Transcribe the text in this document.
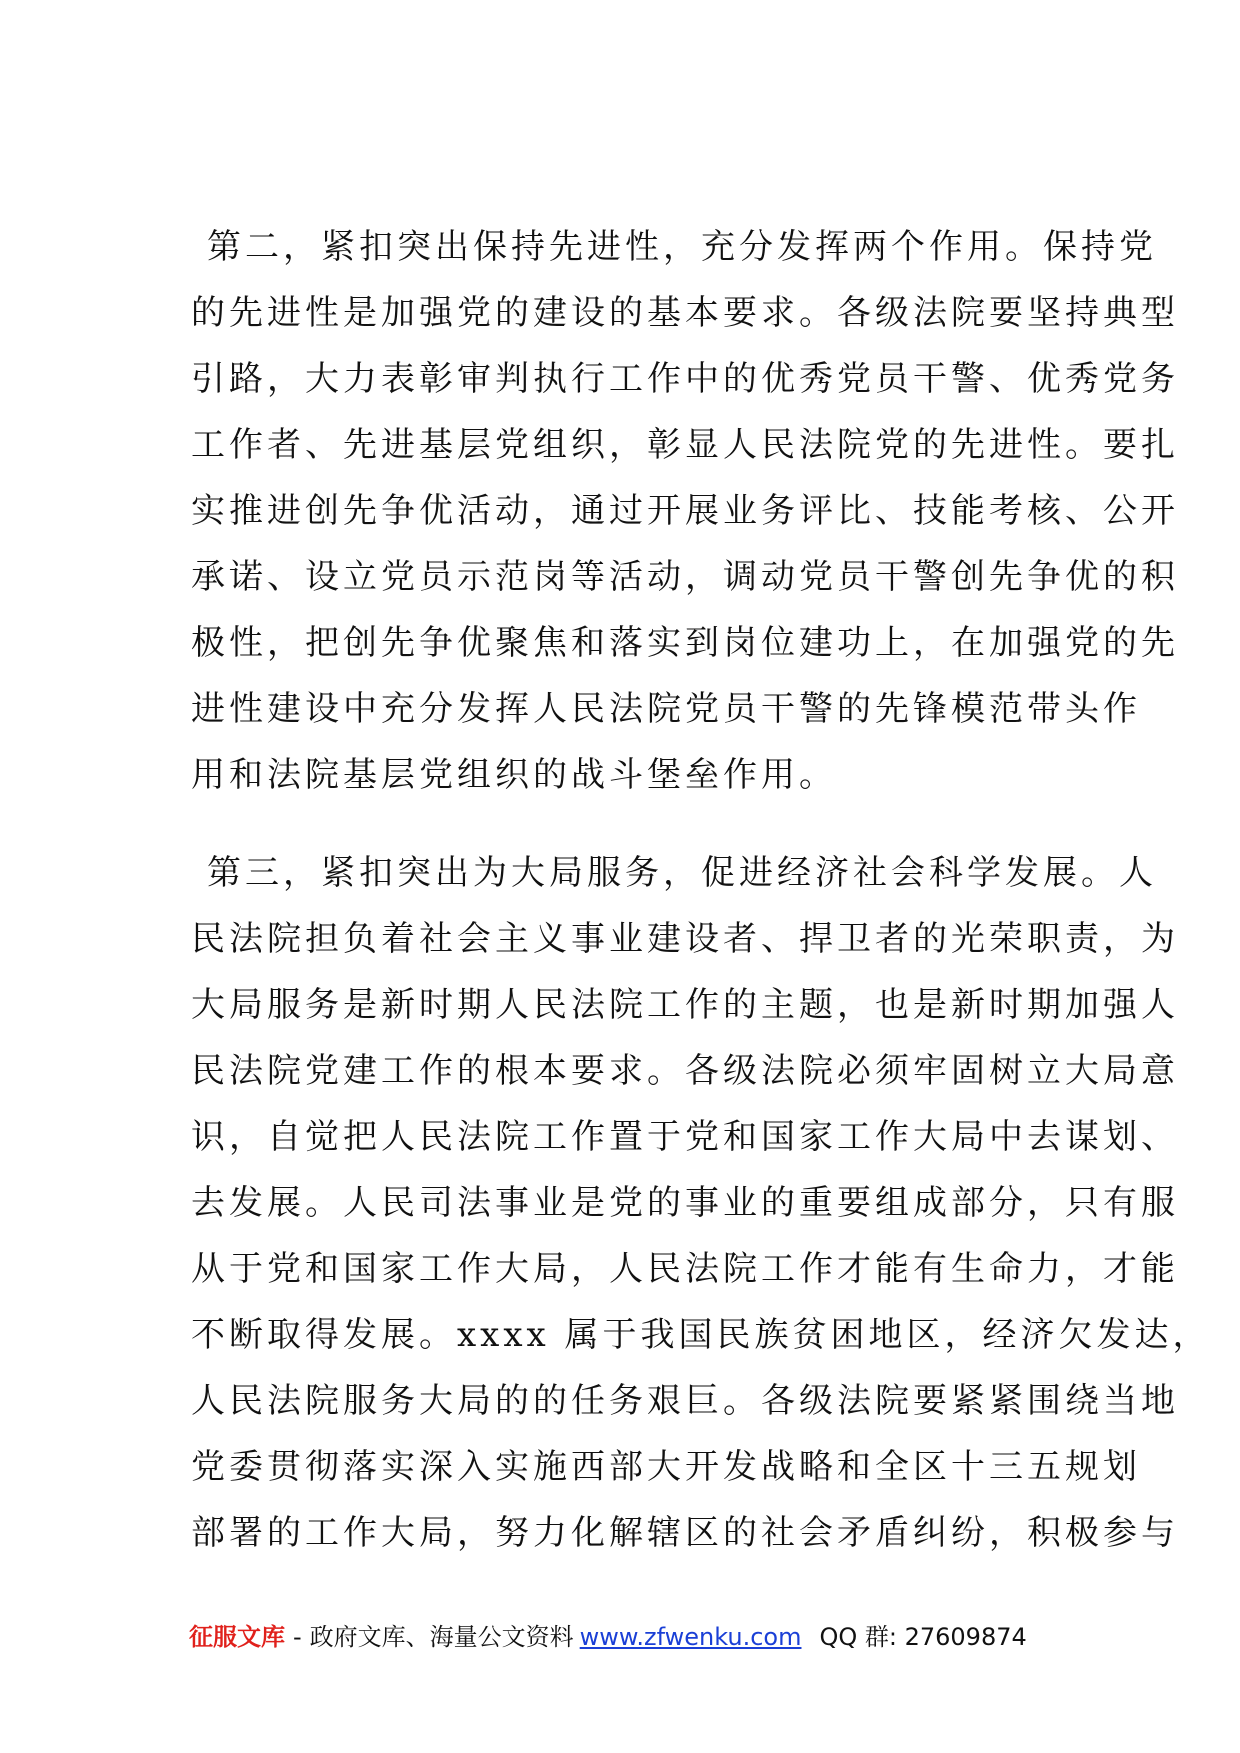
第二，紧扣突出保持先进性，充分发挥两个作用。保持党
的先进性是加强党的建设的基本要求。各级法院要坚持典型
引路，大力表彰审判执行工作中的优秀党员干警、优秀党务
工作者、先进基层党组织，彰显人民法院党的先进性。要扎
实推进创先争优活动，通过开展业务评比、技能考核、公开
承诺、设立党员示范岗等活动，调动党员干警创先争优的积
极性，把创先争优聚焦和落实到岗位建功上，在加强党的先
进性建设中充分发挥人民法院党员干警的先锋模范带头作
用和法院基层党组织的战斗堡垒作用。
第三，紧扣突出为大局服务，促进经济社会科学发展。人
民法院担负着社会主义事业建设者、捍卫者的光荣职责，为
大局服务是新时期人民法院工作的主题，也是新时期加强人
民法院党建工作的根本要求。各级法院必须牢固树立大局意
识，自觉把人民法院工作置于党和国家工作大局中去谋划、
去发展。人民司法事业是党的事业的重要组成部分，只有服
从于党和国家工作大局，人民法院工作才能有生命力，才能
不断取得发展。xxxx 属于我国民族贫困地区，经济欠发达，
人民法院服务大局的的任务艰巨。各级法院要紧紧围绕当地
党委贯彻落实深入实施西部大开发战略和全区十三五规划
部署的工作大局，努力化解辖区的社会矛盾纠纷，积极参与
征服文库 - 政府文库、海量公文资料 www.zfwenku.com QQ 群: 27609874
